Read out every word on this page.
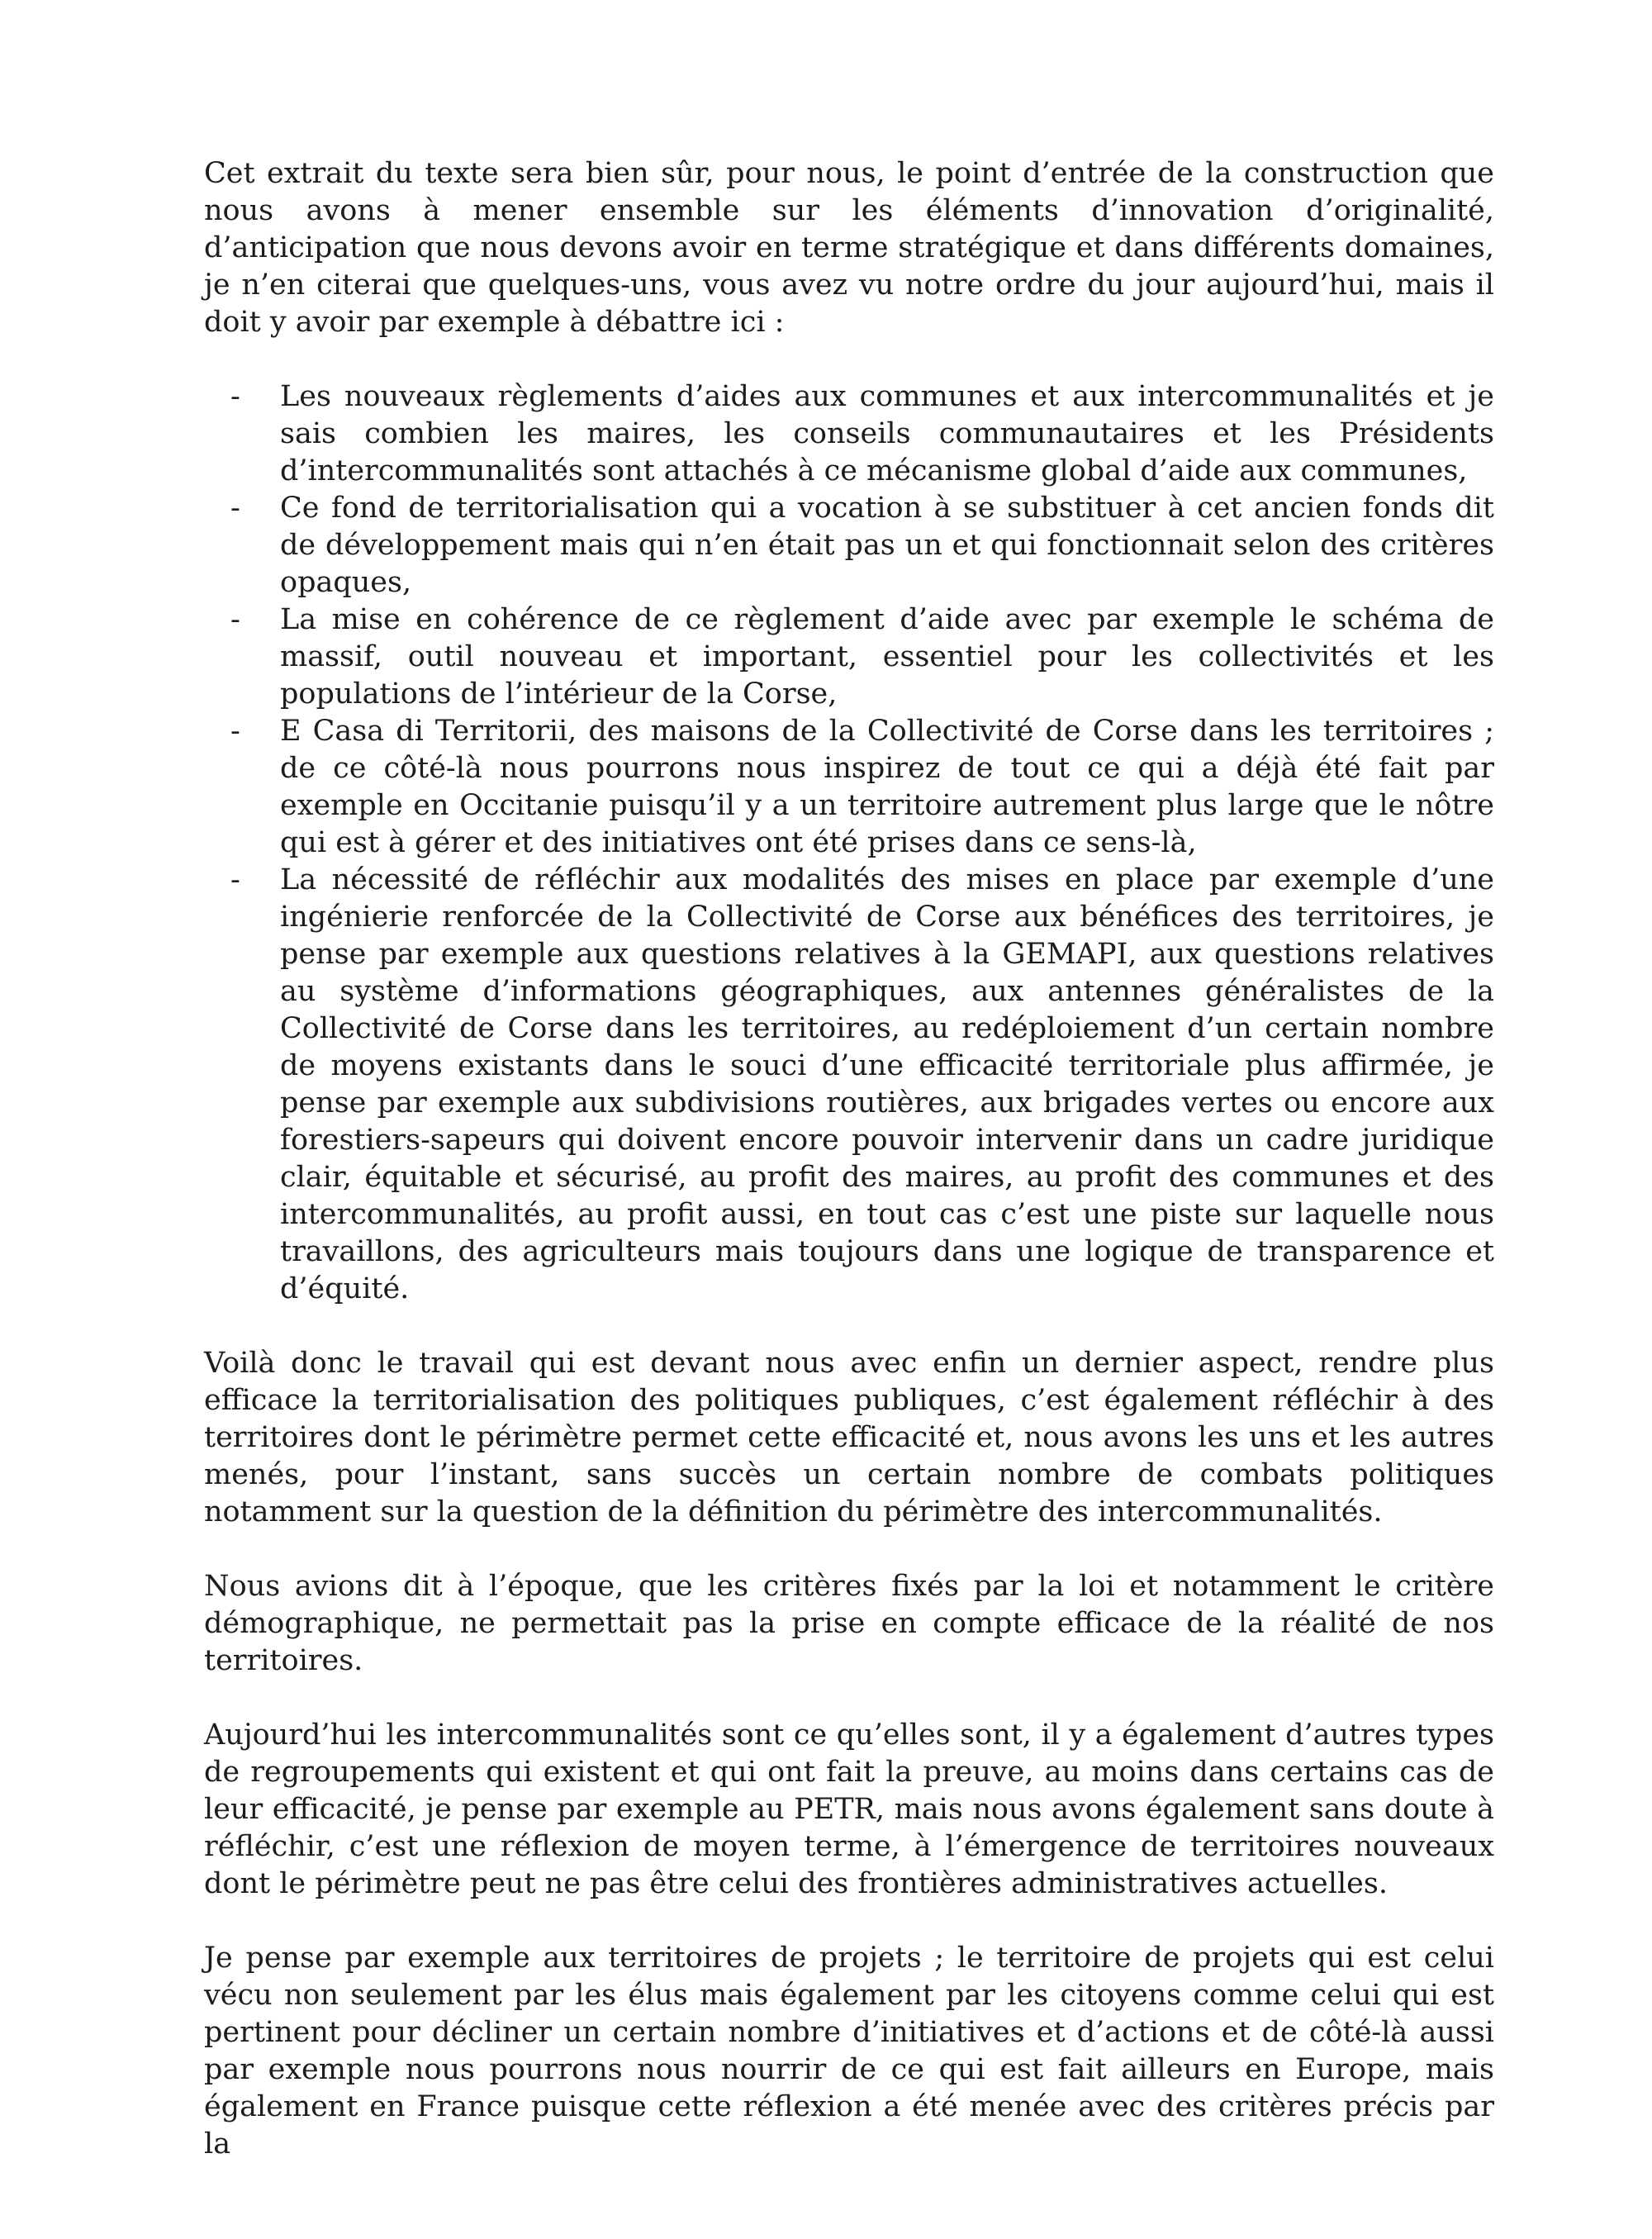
Cet extrait du texte sera bien sûr, pour nous, le point d’entrée de la construction que nous avons à mener ensemble sur les éléments d’innovation d’originalité, d’anticipation que nous devons avoir en terme stratégique et dans différents domaines, je n’en citerai que quelques-uns, vous avez vu notre ordre du jour aujourd’hui, mais il doit y avoir par exemple à débattre ici :

- Les nouveaux règlements d’aides aux communes et aux intercommunalités et je sais combien les maires, les conseils communautaires et les Présidents d’intercommunalités sont attachés à ce mécanisme global d’aide aux communes,
- Ce fond de territorialisation qui a vocation à se substituer à cet ancien fonds dit de développement mais qui n’en était pas un et qui fonctionnait selon des critères opaques,
- La mise en cohérence de ce règlement d’aide avec par exemple le schéma de massif, outil nouveau et important, essentiel pour les collectivités et les populations de l’intérieur de la Corse,
- E Casa di Territorii, des maisons de la Collectivité de Corse dans les territoires ; de ce côté-là nous pourrons nous inspirez de tout ce qui a déjà été fait par exemple en Occitanie puisqu’il y a un territoire autrement plus large que le nôtre qui est à gérer et des initiatives ont été prises dans ce sens-là,
- La nécessité de réfléchir aux modalités des mises en place par exemple d’une ingénierie renforcée de la Collectivité de Corse aux bénéfices des territoires, je pense par exemple aux questions relatives à la GEMAPI, aux questions relatives au système d’informations géographiques, aux antennes généralistes de la Collectivité de Corse dans les territoires, au redéploiement d’un certain nombre de moyens existants dans le souci d’une efficacité territoriale plus affirmée, je pense par exemple aux subdivisions routières, aux brigades vertes ou encore aux forestiers-sapeurs qui doivent encore pouvoir intervenir dans un cadre juridique clair, équitable et sécurisé, au profit des maires, au profit des communes et des intercommunalités, au profit aussi, en tout cas c’est une piste sur laquelle nous travaillons, des agriculteurs mais toujours dans une logique de transparence et d’équité.

Voilà donc le travail qui est devant nous avec enfin un dernier aspect, rendre plus efficace la territorialisation des politiques publiques, c’est également réfléchir à des territoires dont le périmètre permet cette efficacité et, nous avons les uns et les autres menés, pour l’instant, sans succès un certain nombre de combats politiques notamment sur la question de la définition du périmètre des intercommunalités.

Nous avions dit à l’époque, que les critères fixés par la loi et notamment le critère démographique, ne permettait pas la prise en compte efficace de la réalité de nos territoires.

Aujourd’hui les intercommunalités sont ce qu’elles sont, il y a également d’autres types de regroupements qui existent et qui ont fait la preuve, au moins dans certains cas de leur efficacité, je pense par exemple au PETR, mais nous avons également sans doute à réfléchir, c’est une réflexion de moyen terme, à l’émergence de territoires nouveaux dont le périmètre peut ne pas être celui des frontières administratives actuelles.

Je pense par exemple aux territoires de projets ; le territoire de projets qui est celui vécu non seulement par les élus mais également par les citoyens comme celui qui est pertinent pour décliner un certain nombre d’initiatives et d’actions et de côté-là aussi par exemple nous pourrons nous nourrir de ce qui est fait ailleurs en Europe, mais également en France puisque cette réflexion a été menée avec des critères précis par la
